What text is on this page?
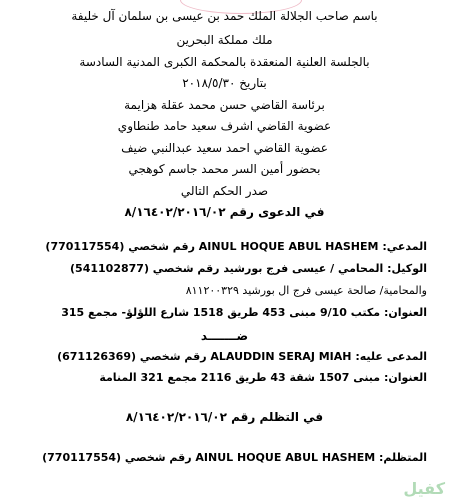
باسم صاحب الجلالة الملك حمد بن عيسى بن سلمان آل خليفة
ملك مملكة البحرين
بالجلسة العلنية المنعقدة بالمحكمة الكبرى المدنية السادسة
بتاريخ ٢٠١٨/٥/٣٠
برئاسة القاضي حسن محمد عقلة هزايمة
عضوية القاضي اشرف سعيد حامد طنطاوي
عضوية القاضي احمد سعيد عبدالنبي ضيف
بحضور أمين السر محمد جاسم كوهجي
صدر الحكم التالي
في الدعوى رقم ٨/١٦٤٠٢/٢٠١٦/٠٢
المدعي: AINUL HOQUE ABUL HASHEM رقم شخصي (770117554)
الوكيل: المحامي / عيسى فرج بورشيد رقم شخصي (541102877)
والمحامية/ صالحة عيسى فرج ال بورشيد ٨١١٢٠٠٣٢٩
العنوان: مكتب 9/10 مبنى 453 طريق 1518 شارع اللؤلؤ- مجمع 315
ضـــــــد
المدعى عليه: ALAUDDIN SERAJ MIAH رقم شخصي (671126369)
العنوان: مبنى 1507 شقة 43 طريق 2116 مجمع 321 المنامة
في التظلم رقم ٨/١٦٤٠٢/٢٠١٦/٠٢
المتظلم: AINUL HOQUE ABUL HASHEM رقم شخصي (770117554)
كفيل
